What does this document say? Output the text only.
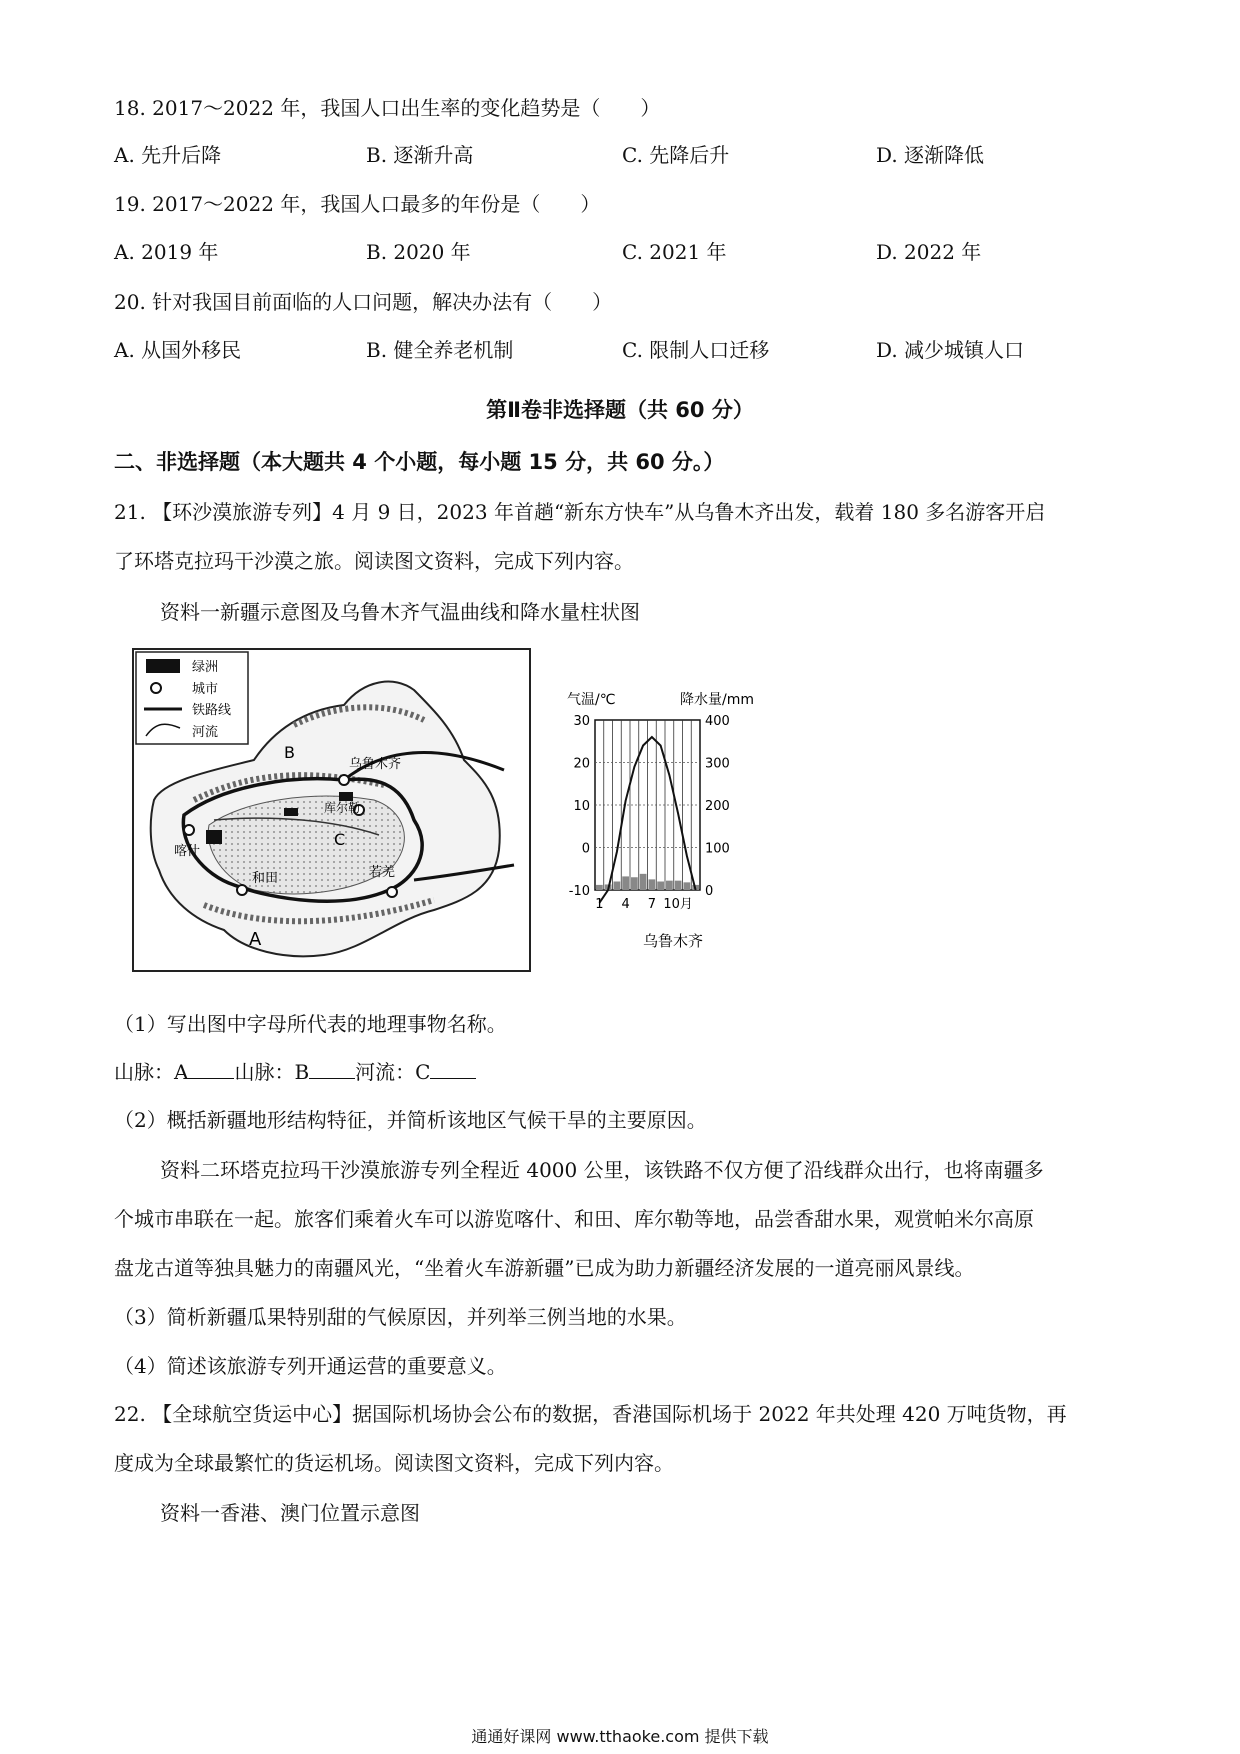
18. 2017～2022 年，我国人口出生率的变化趋势是（　　）
A. 先升后降	B. 逐渐升高	C. 先降后升	D. 逐渐降低
19. 2017～2022 年，我国人口最多的年份是（　　）
A. 2019 年	B. 2020 年	C. 2021 年	D. 2022 年
20. 针对我国目前面临的人口问题，解决办法有（　　）
A. 从国外移民	B. 健全养老机制	C. 限制人口迁移	D. 减少城镇人口
第Ⅱ卷非选择题（共 60 分）
二、非选择题（本大题共 4 个小题，每小题 15 分，共 60 分。）
21. 【环沙漠旅游专列】4 月 9 日，2023 年首趟“新东方快车”从乌鲁木齐出发，载着 180 多名游客开启
了环塔克拉玛干沙漠之旅。阅读图文资料，完成下列内容。
资料一新疆示意图及乌鲁木齐气温曲线和降水量柱状图
乌鲁木齐
库尔勒
喀什
和田	若羌
A
B
C
绿洲
城市
铁路线
河流
气温/℃	降水量/mm
30
20
10
0
-10
400
300
200
100
0
1 4 7 10月
乌鲁木齐
（1）写出图中字母所代表的地理事物名称。
山脉：A 山脉：B 河流：C
（2）概括新疆地形结构特征，并简析该地区气候干旱的主要原因。
资料二环塔克拉玛干沙漠旅游专列全程近 4000 公里，该铁路不仅方便了沿线群众出行，也将南疆多
个城市串联在一起。旅客们乘着火车可以游览喀什、和田、库尔勒等地，品尝香甜水果，观赏帕米尔高原
盘龙古道等独具魅力的南疆风光，“坐着火车游新疆”已成为助力新疆经济发展的一道亮丽风景线。
（3）简析新疆瓜果特别甜的气候原因，并列举三例当地的水果。
（4）简述该旅游专列开通运营的重要意义。
22. 【全球航空货运中心】据国际机场协会公布的数据，香港国际机场于 2022 年共处理 420 万吨货物，再
度成为全球最繁忙的货运机场。阅读图文资料，完成下列内容。
资料一香港、澳门位置示意图
通通好课网 www.tthaoke.com 提供下载
